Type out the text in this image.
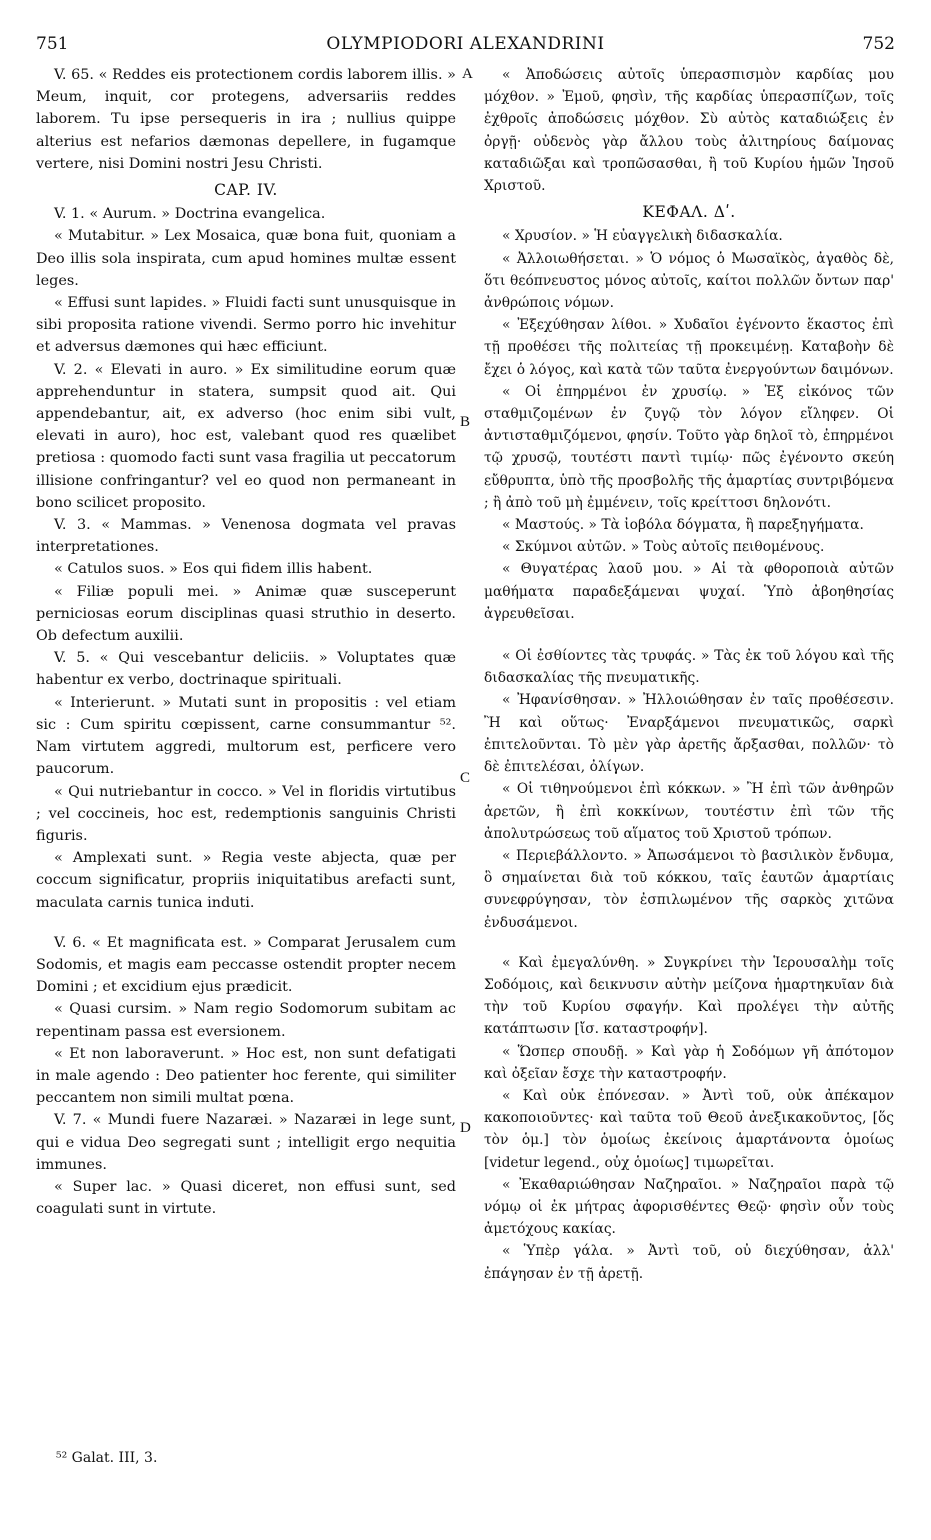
751	OLYMPIODORI ALEXANDRINI	752

V. 65. « Reddes eis protectionem cordis laborem illis. » Meum, inquit, cor protegens, adversariis reddes laborem. Tu ipse persequeris in ira ; nullius quippe alterius est nefarios dæmonas depellere, in fugamque vertere, nisi Domini nostri Jesu Christi.

CAP. IV.

V. 1. « Aurum. » Doctrina evangelica.

« Mutabitur. » Lex Mosaica, quæ bona fuit, quoniam a Deo illis sola inspirata, cum apud homines multæ essent leges.

« Effusi sunt lapides. » Fluidi facti sunt unusquisque in sibi proposita ratione vivendi. Sermo porro hic invehitur et adversus dæmones qui hæc efficiunt.

V. 2. « Elevati in auro. » Ex similitudine eorum quæ apprehenduntur in statera, sumpsit quod ait. Qui appendebantur, ait, ex adverso (hoc enim sibi vult, elevati in auro), hoc est, valebant quod res quælibet pretiosa : quomodo facti sunt vasa fragilia ut peccatorum illisione confringantur? vel eo quod non permaneant in bono scilicet proposito.

V. 3. « Mammas. » Venenosa dogmata vel pravas interpretationes.

« Catulos suos. » Eos qui fidem illis habent.

« Filiæ populi mei. » Animæ quæ susceperunt perniciosas eorum disciplinas quasi struthio in deserto. Ob defectum auxilii.

V. 5. « Qui vescebantur deliciis. » Voluptates quæ habentur ex verbo, doctrinaque spirituali.

« Interierunt. » Mutati sunt in propositis : vel etiam sic : Cum spiritu cœpissent, carne consummantur ⁵². Nam virtutem aggredi, multorum est, perficere vero paucorum.

« Qui nutriebantur in cocco. » Vel in floridis virtutibus ; vel coccineis, hoc est, redemptionis sanguinis Christi figuris.

« Amplexati sunt. » Regia veste abjecta, quæ per coccum significatur, propriis iniquitatibus arefacti sunt, maculata carnis tunica induti.

V. 6. « Et magnificata est. » Comparat Jerusalem cum Sodomis, et magis eam peccasse ostendit propter necem Domini ; et excidium ejus prædicit.

« Quasi cursim. » Nam regio Sodomorum subitam ac repentinam passa est eversionem.

« Et non laboraverunt. » Hoc est, non sunt defatigati in male agendo : Deo patienter hoc ferente, qui similiter peccantem non simili multat pœna.

V. 7. « Mundi fuere Nazaræi. » Nazaræi in lege sunt, qui e vidua Deo segregati sunt ; intelligit ergo nequitia immunes.

« Super lac. » Quasi diceret, non effusi sunt, sed coagulati sunt in virtute.

« Ἀποδώσεις αὐτοῖς ὑπερασπισμὸν καρδίας μου μόχθον. » Ἐμοῦ, φησὶν, τῆς καρδίας ὑπερασπίζων, τοῖς ἐχθροῖς ἀποδώσεις μόχθον. Σὺ αὐτὸς καταδιώξεις ἐν ὀργῇ· οὐδενὸς γὰρ ἄλλου τοὺς ἀλιτηρίους δαίμονας καταδιῶξαι καὶ τροπῶσασθαι, ἢ τοῦ Κυρίου ἡμῶν Ἰησοῦ Χριστοῦ.

ΚΕΦΑΛ. Δʹ.

« Χρυσίον. » Ἡ εὐαγγελικὴ διδασκαλία.

« Ἀλλοιωθήσεται. » Ὁ νόμος ὁ Μωσαϊκὸς, ἀγαθὸς δὲ, ὅτι θεόπνευστος μόνος αὐτοῖς, καίτοι πολλῶν ὄντων παρ' ἀνθρώποις νόμων.

« Ἐξεχύθησαν λίθοι. » Χυδαῖοι ἐγένοντο ἕκαστος ἐπὶ τῇ προθέσει τῆς πολιτείας τῇ προκειμένῃ. Καταβοὴν δὲ ἔχει ὁ λόγος, καὶ κατὰ τῶν ταῦτα ἐνεργούντων δαιμόνων.

« Οἱ ἐπηρμένοι ἐν χρυσίῳ. » Ἐξ εἰκόνος τῶν σταθμιζομένων ἐν ζυγῷ τὸν λόγον εἴληφεν. Οἱ ἀντισταθμιζόμενοι, φησίν. Τοῦτο γὰρ δηλοῖ τὸ, ἐπηρμένοι τῷ χρυσῷ, τουτέστι παντὶ τιμίῳ· πῶς ἐγένοντο σκεύη εὔθρυπτα, ὑπὸ τῆς προσβολῆς τῆς ἁμαρτίας συντριβόμενα ; ἢ ἀπὸ τοῦ μὴ ἐμμένειν, τοῖς κρείττοσι δηλονότι.

« Μαστούς. » Τὰ ἰοβόλα δόγματα, ἢ παρεξηγήματα.

« Σκύμνοι αὐτῶν. » Τοὺς αὐτοῖς πειθομένους.

« Θυγατέρας λαοῦ μου. » Αἱ τὰ φθοροποιὰ αὐτῶν μαθήματα παραδεξάμεναι ψυχαί. Ὑπὸ ἀβοηθησίας ἀγρευθεῖσαι.

« Οἱ ἐσθίοντες τὰς τρυφάς. » Τὰς ἐκ τοῦ λόγου καὶ τῆς διδασκαλίας τῆς πνευματικῆς.

« Ἠφανίσθησαν. » Ἠλλοιώθησαν ἐν ταῖς προθέσεσιν. Ἢ καὶ οὕτως· Ἐναρξάμενοι πνευματικῶς, σαρκὶ ἐπιτελοῦνται. Τὸ μὲν γὰρ ἀρετῆς ἄρξασθαι, πολλῶν· τὸ δὲ ἐπιτελέσαι, ὀλίγων.

« Οἱ τιθηνούμενοι ἐπὶ κόκκων. » Ἢ ἐπὶ τῶν ἀνθηρῶν ἀρετῶν, ἢ ἐπὶ κοκκίνων, τουτέστιν ἐπὶ τῶν τῆς ἀπολυτρώσεως τοῦ αἵματος τοῦ Χριστοῦ τρόπων.

« Περιεβάλλοντο. » Ἀπωσάμενοι τὸ βασιλικὸν ἔνδυμα, ὃ σημαίνεται διὰ τοῦ κόκκου, ταῖς ἑαυτῶν ἁμαρτίαις συνεφρύγησαν, τὸν ἐσπιλωμένον τῆς σαρκὸς χιτῶνα ἐνδυσάμενοι.

« Καὶ ἐμεγαλύνθη. » Συγκρίνει τὴν Ἱερουσαλὴμ τοῖς Σοδόμοις, καὶ δεικνυσιν αὐτὴν μείζονα ἡμαρτηκυῖαν διὰ τὴν τοῦ Κυρίου σφαγήν. Καὶ προλέγει τὴν αὐτῆς κατάπτωσιν [ἴσ. καταστροφήν].

« Ὥσπερ σπουδῇ. » Καὶ γὰρ ἡ Σοδόμων γῆ ἀπότομον καὶ ὀξεῖαν ἔσχε τὴν καταστροφήν.

« Καὶ οὐκ ἐπόνεσαν. » Ἀντὶ τοῦ, οὐκ ἀπέκαμον κακοποιοῦντες· καὶ ταῦτα τοῦ Θεοῦ ἀνεξικακοῦντος, [ὅς τὸν ὁμ.] τὸν ὁμοίως ἐκείνοις ἁμαρτάνοντα ὁμοίως [videtur legend., οὐχ ὁμοίως] τιμωρεῖται.

« Ἐκαθαριώθησαν Ναζηραῖοι. » Ναζηραῖοι παρὰ τῷ νόμῳ οἱ ἐκ μήτρας ἀφορισθέντες Θεῷ· φησὶν οὖν τοὺς ἀμετόχους κακίας.

« Ὑπὲρ γάλα. » Ἀντὶ τοῦ, οὐ διεχύθησαν, ἀλλ' ἐπάγησαν ἐν τῇ ἀρετῇ.

A
B
C
D
⁵² Galat. III, 3.
